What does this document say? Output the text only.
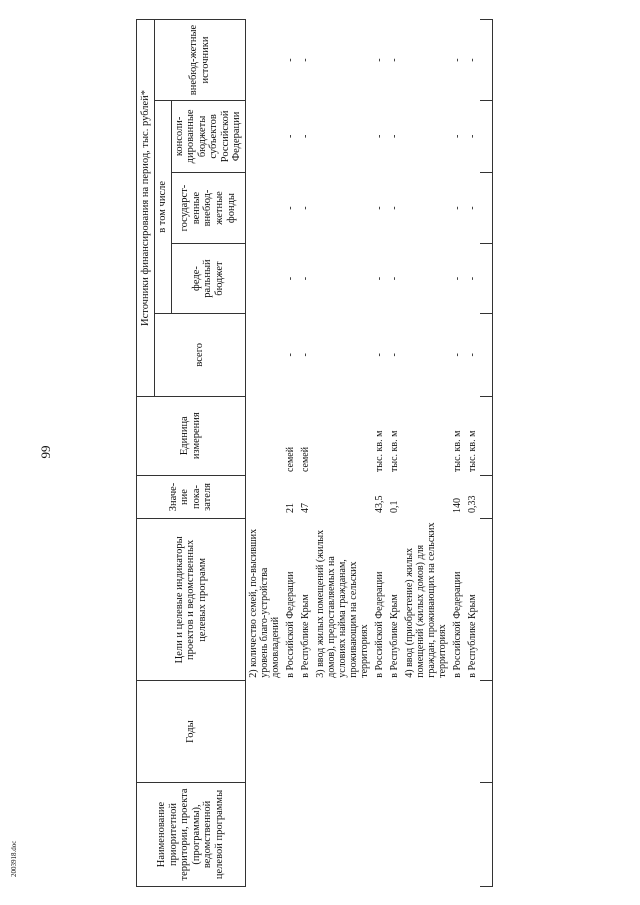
99
2003918.doc	Наименование приоритетной территории, проекта (программы), ведомственной целевой программы	Годы	Цели и целевые индикаторы проектов и ведомственных целевых программ	Значе-ние пока-зателя	Единица измерения	Источники финансирования на период, тыс. рублей*				
					всего	в том числе			внебюд-жетные источники
						феде-ральный бюджет	государст-венные внебюд-жетные фонды	консоли-дированные бюджеты субъектов Российской Федерации	
		2) количество семей, по-высивших уровень благо-устройства домовладений							
		в Российской Федерации	21	семей	-	-	-	-	-
		в Республике Крым	47	семей	-	-	-	-	-
		3) ввод жилых помещений (жилых домов), предоставляемых на условиях найма гражданам, проживающим на сельских территориях							
		в Российской Федерации	43,5	тыс. кв. м	-	-	-	-	-
		в Республике Крым	0,1	тыс. кв. м	-	-	-	-	-
		4) ввод (приобретение) жилых помещений (жилых домов) для граждан, проживающих на сельских территориях							
		в Российской Федерации	140	тыс. кв. м	-	-	-	-	-
		в Республике Крым	0,33	тыс. кв. м	-	-	-	-	-
